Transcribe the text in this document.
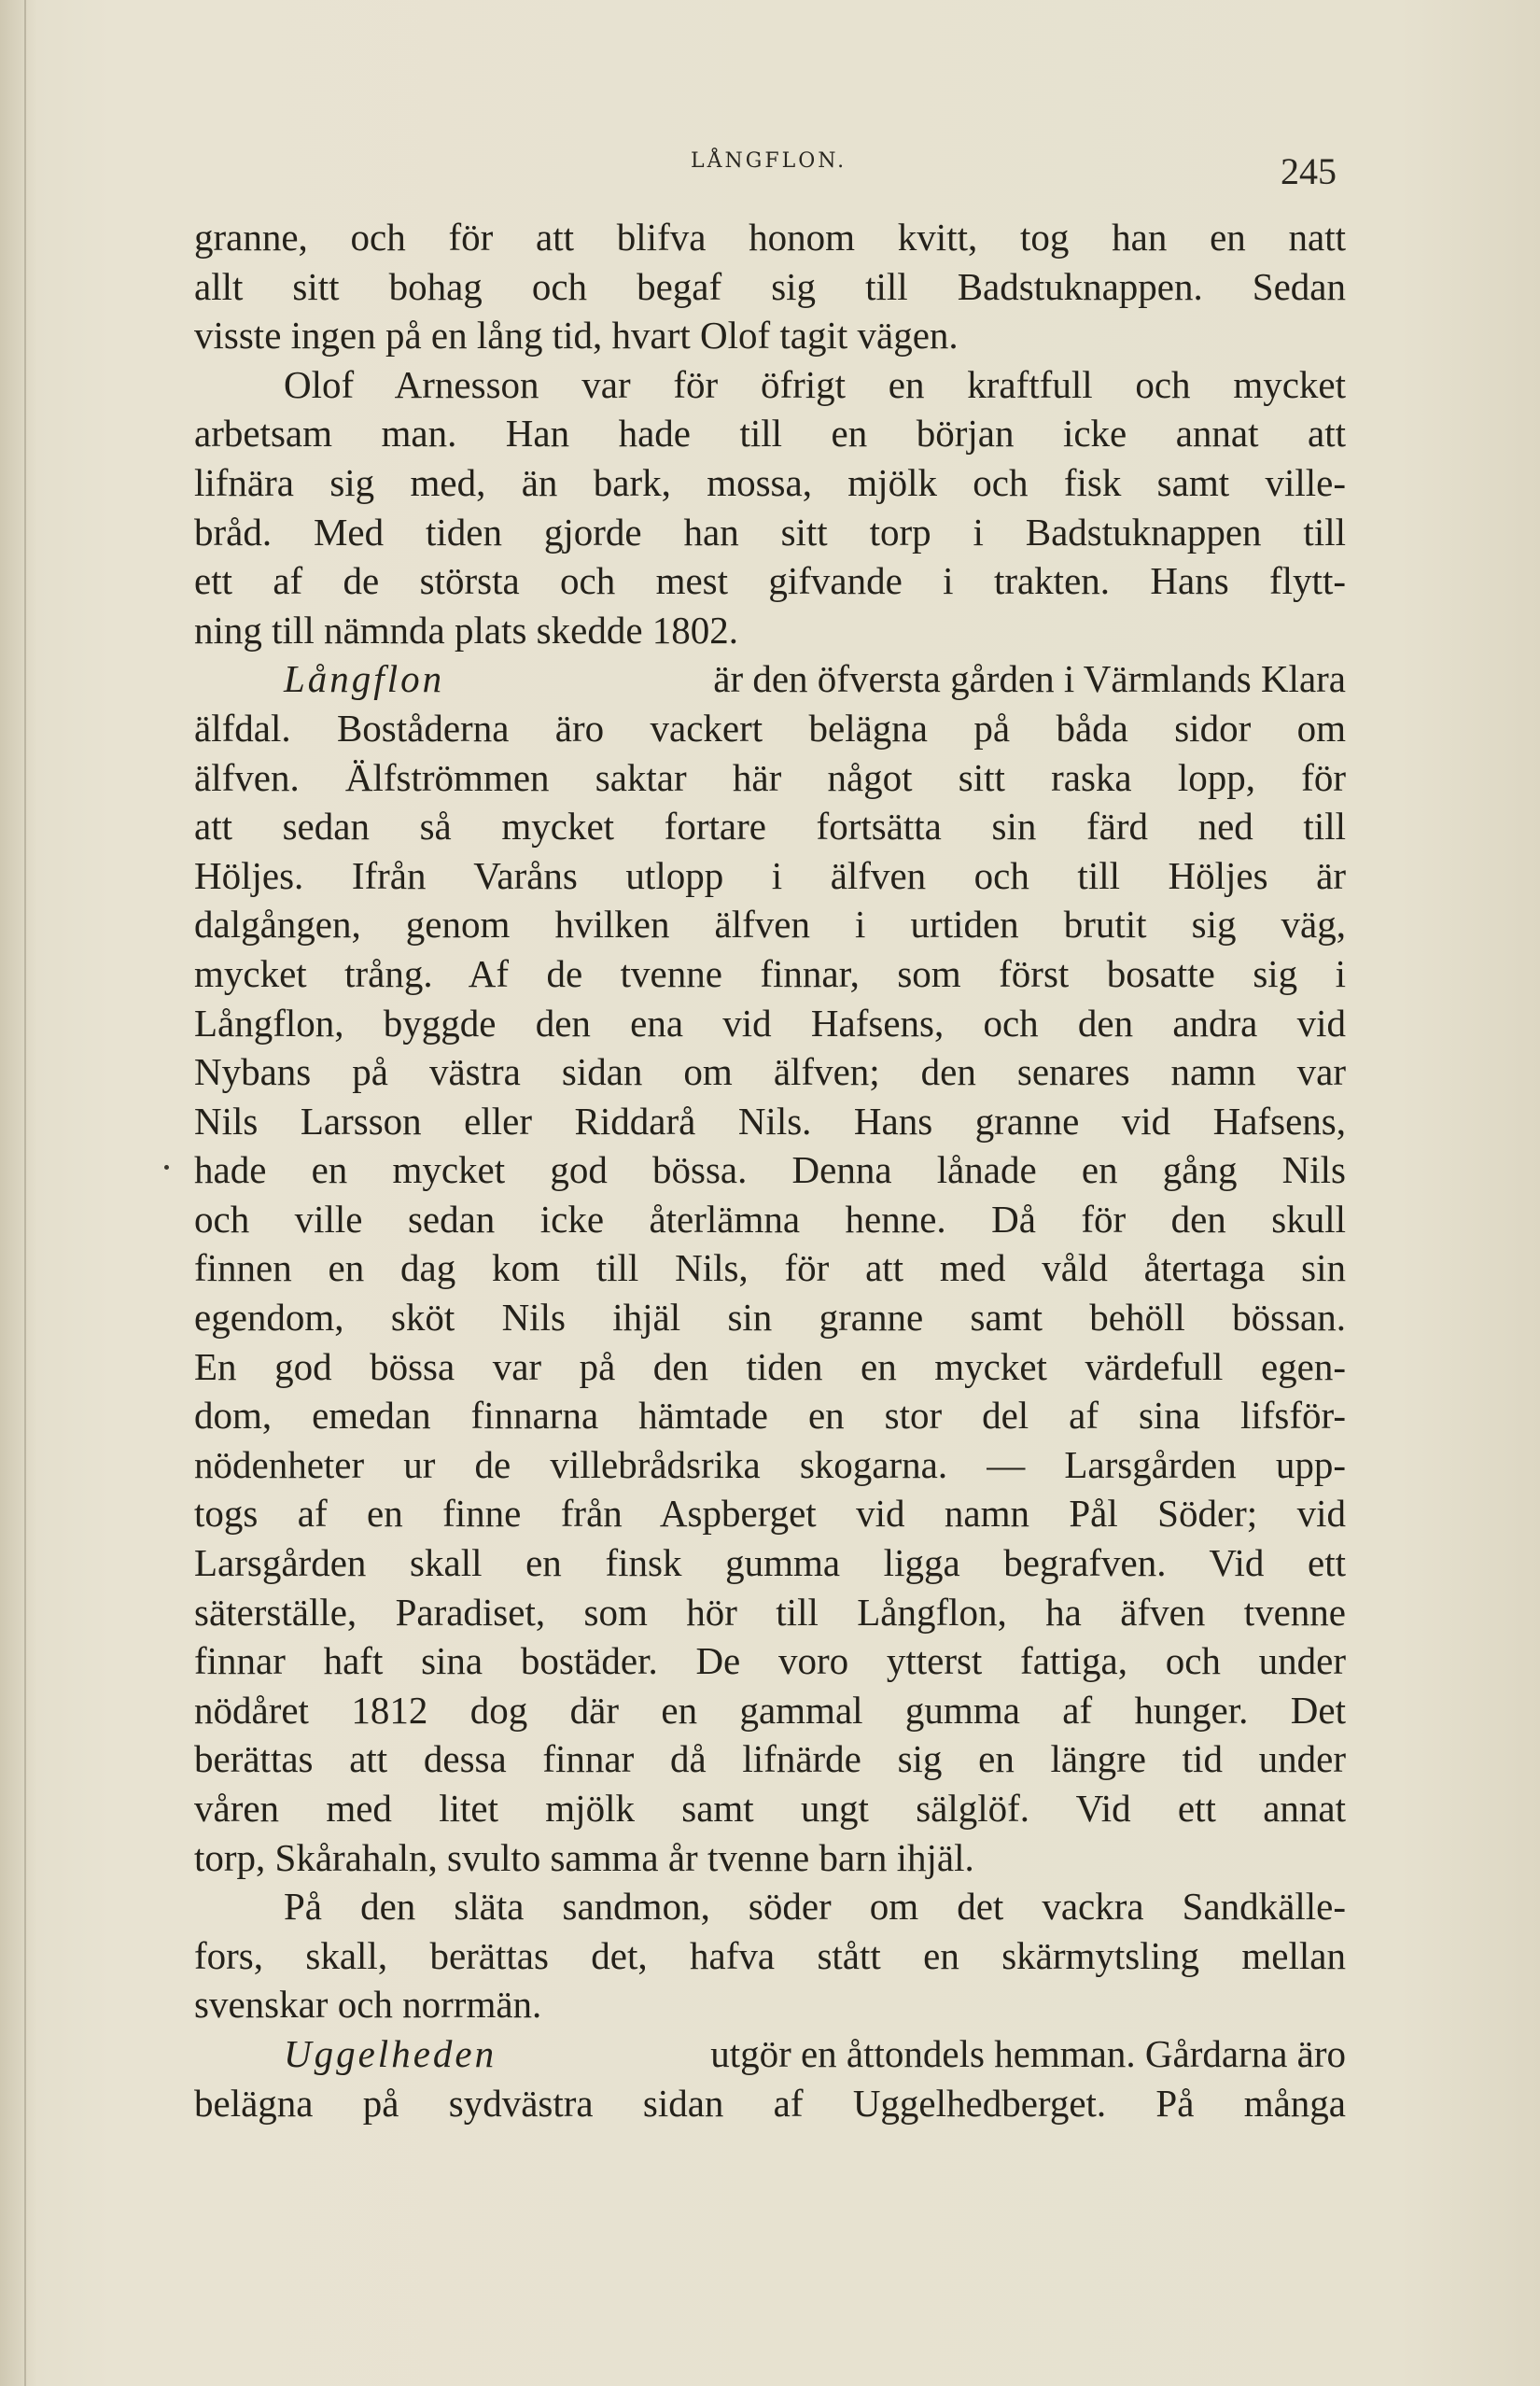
LÅNGFLON.	245
granne, och för att blifva honom kvitt, tog han en natt
allt sitt bohag och begaf sig till Badstuknappen. Sedan
visste ingen på en lång tid, hvart Olof tagit vägen.
Olof Arnesson var för öfrigt en kraftfull och mycket
arbetsam man. Han hade till en början icke annat att
lifnära sig med, än bark, mossa, mjölk och fisk samt ville-
bråd. Med tiden gjorde han sitt torp i Badstuknappen till
ett af de största och mest gifvande i trakten. Hans flytt-
ning till nämnda plats skedde 1802.
Långflon	är den öfversta gården i Värmlands Klara
älfdal. Boståderna äro vackert belägna på båda sidor om
älfven. Älfströmmen saktar här något sitt raska lopp, för
att sedan så mycket fortare fortsätta sin färd ned till
Höljes. Ifrån Varåns utlopp i älfven och till Höljes är
dalgången, genom hvilken älfven i urtiden brutit sig väg,
mycket trång. Af de tvenne finnar, som först bosatte sig i
Långflon, byggde den ena vid Hafsens, och den andra vid
Nybans på västra sidan om älfven; den senares namn var
Nils Larsson eller Riddarå Nils. Hans granne vid Hafsens,
hade en mycket god bössa. Denna lånade en gång Nils
och ville sedan icke återlämna henne. Då för den skull
finnen en dag kom till Nils, för att med våld återtaga sin
egendom, sköt Nils ihjäl sin granne samt behöll bössan.
En god bössa var på den tiden en mycket värdefull egen-
dom, emedan finnarna hämtade en stor del af sina lifsför-
nödenheter ur de villebrådsrika skogarna. — Larsgården upp-
togs af en finne från Aspberget vid namn Pål Söder; vid
Larsgården skall en finsk gumma ligga begrafven. Vid ett
säterställe, Paradiset, som hör till Långflon, ha äfven tvenne
finnar haft sina bostäder. De voro ytterst fattiga, och under
nödåret 1812 dog där en gammal gumma af hunger. Det
berättas att dessa finnar då lifnärde sig en längre tid under
våren med litet mjölk samt ungt sälglöf. Vid ett annat
torp, Skårahaln, svulto samma år tvenne barn ihjäl.
På den släta sandmon, söder om det vackra Sandkälle-
fors, skall, berättas det, hafva stått en skärmytsling mellan
svenskar och norrmän.
Uggelheden	utgör en åttondels hemman. Gårdarna äro
belägna på sydvästra sidan af Uggelhedberget. På många
